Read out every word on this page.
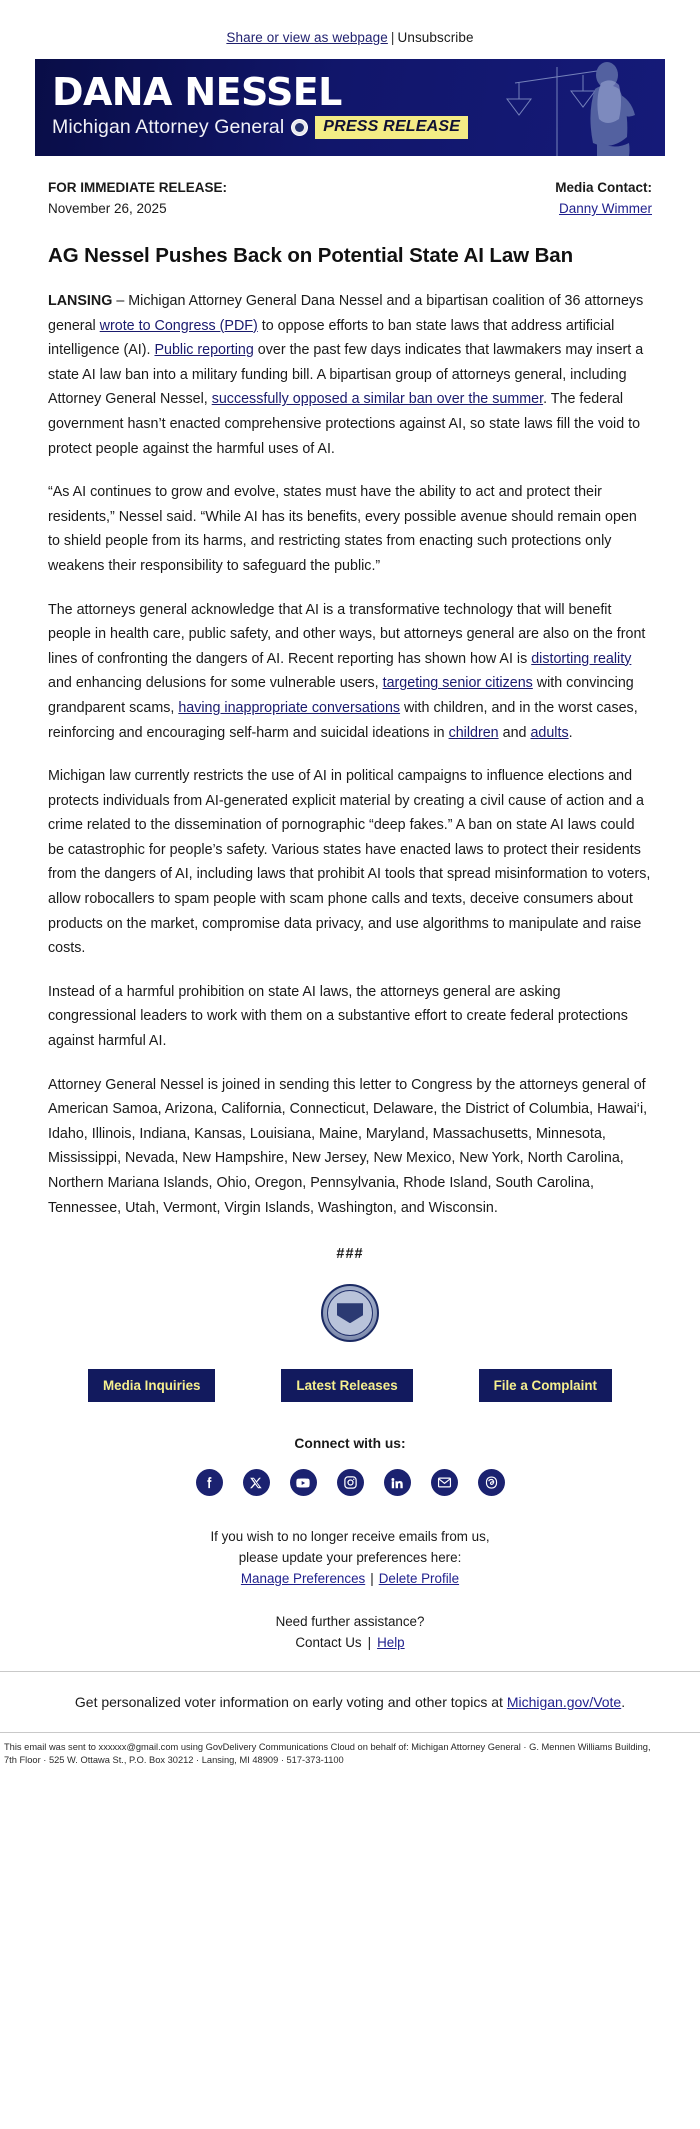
Share or view as webpage | Unsubscribe
DANA NESSEL
Michigan Attorney General	PRESS RELEASE
FOR IMMEDIATE RELEASE:
November 26, 2025
Media Contact:
Danny Wimmer
AG Nessel Pushes Back on Potential State AI Law Ban

LANSING – Michigan Attorney General Dana Nessel and a bipartisan coalition of 36 attorneys general wrote to Congress (PDF) to oppose efforts to ban state laws that address artificial intelligence (AI). Public reporting over the past few days indicates that lawmakers may insert a state AI law ban into a military funding bill. A bipartisan group of attorneys general, including Attorney General Nessel, successfully opposed a similar ban over the summer. The federal government hasn’t enacted comprehensive protections against AI, so state laws fill the void to protect people against the harmful uses of AI.

“As AI continues to grow and evolve, states must have the ability to act and protect their residents,” Nessel said. “While AI has its benefits, every possible avenue should remain open to shield people from its harms, and restricting states from enacting such protections only weakens their responsibility to safeguard the public.”

The attorneys general acknowledge that AI is a transformative technology that will benefit people in health care, public safety, and other ways, but attorneys general are also on the front lines of confronting the dangers of AI. Recent reporting has shown how AI is distorting reality and enhancing delusions for some vulnerable users, targeting senior citizens with convincing grandparent scams, having inappropriate conversations with children, and in the worst cases, reinforcing and encouraging self-harm and suicidal ideations in children and adults.

Michigan law currently restricts the use of AI in political campaigns to influence elections and protects individuals from AI-generated explicit material by creating a civil cause of action and a crime related to the dissemination of pornographic “deep fakes.” A ban on state AI laws could be catastrophic for people’s safety. Various states have enacted laws to protect their residents from the dangers of AI, including laws that prohibit AI tools that spread misinformation to voters, allow robocallers to spam people with scam phone calls and texts, deceive consumers about products on the market, compromise data privacy, and use algorithms to manipulate and raise costs.

Instead of a harmful prohibition on state AI laws, the attorneys general are asking congressional leaders to work with them on a substantive effort to create federal protections against harmful AI.

Attorney General Nessel is joined in sending this letter to Congress by the attorneys general of American Samoa, Arizona, California, Connecticut, Delaware, the District of Columbia, Hawai‘i, Idaho, Illinois, Indiana, Kansas, Louisiana, Maine, Maryland, Massachusetts, Minnesota, Mississippi, Nevada, New Hampshire, New Jersey, New Mexico, New York, North Carolina, Northern Mariana Islands, Ohio, Oregon, Pennsylvania, Rhode Island, South Carolina, Tennessee, Utah, Vermont, Virgin Islands, Washington, and Wisconsin.

###
Media Inquiries	Latest Releases	File a Complaint
Connect with us:
If you wish to no longer receive emails from us,
please update your preferences here:
Manage Preferences | Delete Profile
Need further assistance?
Contact Us | Help
Get personalized voter information on early voting and other topics at Michigan.gov/Vote.
This email was sent to xxxxxx@gmail.com using GovDelivery Communications Cloud on behalf of: Michigan Attorney General · G. Mennen Williams Building,
7th Floor · 525 W. Ottawa St., P.O. Box 30212 · Lansing, MI 48909 · 517-373-1100
